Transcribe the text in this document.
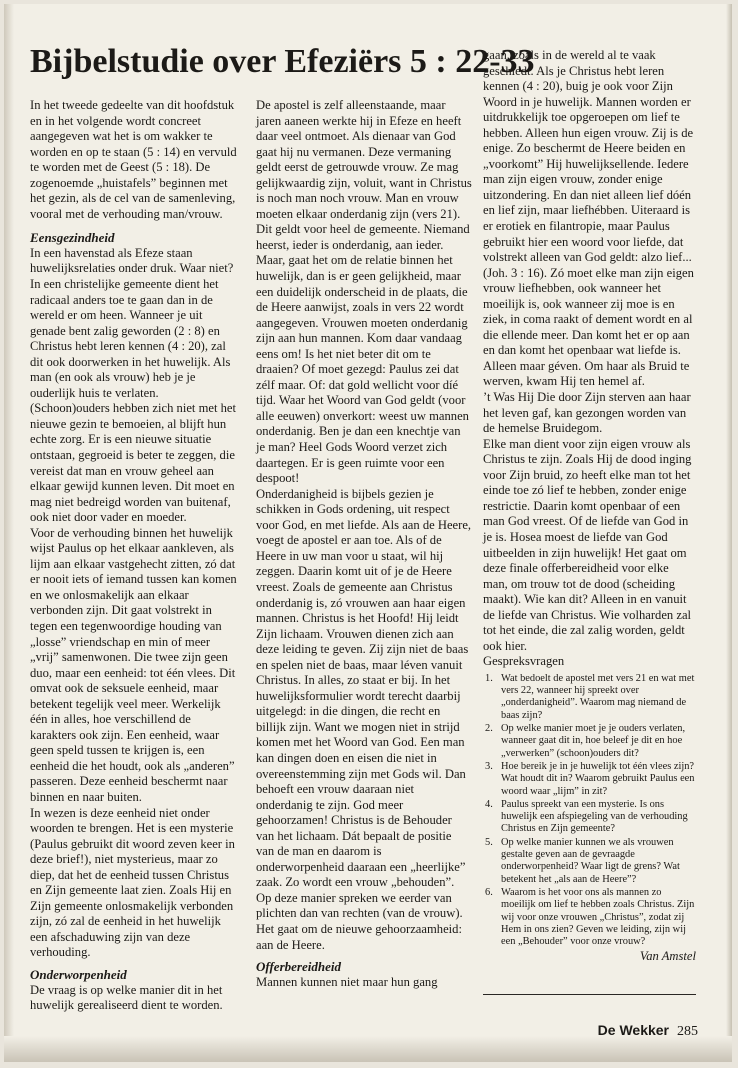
Bijbelstudie over Efeziërs 5 : 22-33

In het tweede gedeelte van dit hoofdstuk en in het volgende wordt concreet aangegeven wat het is om wakker te worden en op te staan (5 : 14) en vervuld te worden met de Geest (5 : 18). De zogenoemde „huistafels” beginnen met het gezin, als de cel van de samenleving, vooral met de verhouding man/vrouw.

Eensgezindheid

In een havenstad als Efeze staan huwelijksrelaties onder druk. Waar niet? In een christelijke gemeente dient het radicaal anders toe te gaan dan in de wereld er om heen. Wanneer je uit genade bent zalig geworden (2 : 8) en Christus hebt leren kennen (4 : 20), zal dit ook doorwerken in het huwelijk. Als man (en ook als vrouw) heb je je ouderlijk huis te verlaten. (Schoon)ouders hebben zich niet met het nieuwe gezin te bemoeien, al blijft hun echte zorg. Er is een nieuwe situatie ontstaan, gegroeid is beter te zeggen, die vereist dat man en vrouw geheel aan elkaar gewijd kunnen leven. Dit moet en mag niet bedreigd worden van buitenaf, ook niet door vader en moeder.

Voor de verhouding binnen het huwelijk wijst Paulus op het elkaar aankleven, als lijm aan elkaar vastgehecht zitten, zó dat er nooit iets of iemand tussen kan komen en we onlosmakelijk aan elkaar verbonden zijn. Dit gaat volstrekt in tegen een tegenwoordige houding van „losse” vriendschap en min of meer „vrij” samenwonen. Die twee zijn geen duo, maar een eenheid: tot één vlees. Dit omvat ook de seksuele eenheid, maar betekent tegelijk veel meer. Werkelijk één in alles, hoe verschillend de karakters ook zijn. Een eenheid, waar geen speld tussen te krijgen is, een eenheid die het houdt, ook als „anderen” passeren. Deze eenheid beschermt naar binnen en naar buiten.

In wezen is deze eenheid niet onder woorden te brengen. Het is een mysterie (Paulus gebruikt dit woord zeven keer in deze brief!), niet mysterieus, maar zo diep, dat het de eenheid tussen Christus en Zijn gemeente laat zien. Zoals Hij en Zijn gemeente onlosmakelijk verbonden zijn, zó zal de eenheid in het huwelijk een afschaduwing zijn van deze verhouding.

Onderworpenheid

De vraag is op welke manier dit in het huwelijk gerealiseerd dient te worden.

De apostel is zelf alleenstaande, maar jaren aaneen werkte hij in Efeze en heeft daar veel ontmoet. Als dienaar van God gaat hij nu vermanen. Deze vermaning geldt eerst de getrouwde vrouw. Ze mag gelijkwaardig zijn, voluit, want in Christus is noch man noch vrouw. Man en vrouw moeten elkaar onderdanig zijn (vers 21). Dit geldt voor heel de gemeente. Niemand heerst, ieder is onderdanig, aan ieder. Maar, gaat het om de relatie binnen het huwelijk, dan is er geen gelijkheid, maar een duidelijk onderscheid in de plaats, die de Heere aanwijst, zoals in vers 22 wordt aangegeven. Vrouwen moeten onderdanig zijn aan hun mannen. Kom daar vandaag eens om! Is het niet beter dit om te draaien? Of moet gezegd: Paulus zei dat zélf maar. Of: dat gold wellicht voor díé tijd. Waar het Woord van God geldt (voor alle eeuwen) onverkort: weest uw mannen onderdanig. Ben je dan een knechtje van je man? Heel Gods Woord verzet zich daartegen. Er is geen ruimte voor een despoot!

Onderdanigheid is bijbels gezien je schikken in Gods ordening, uit respect voor God, en met liefde. Als aan de Heere, voegt de apostel er aan toe. Als of de Heere in uw man voor u staat, wil hij zeggen. Daarin komt uit of je de Heere vreest. Zoals de gemeente aan Christus onderdanig is, zó vrouwen aan haar eigen mannen. Christus is het Hoofd! Hij leidt Zijn lichaam. Vrouwen dienen zich aan deze leiding te geven. Zij zijn niet de baas en spelen niet de baas, maar léven vanuit Christus. In alles, zo staat er bij. In het huwelijksformulier wordt terecht daarbij uitgelegd: in die dingen, die recht en billijk zijn. Want we mogen niet in strijd komen met het Woord van God. Een man kan dingen doen en eisen die niet in overeenstemming zijn met Gods wil. Dan behoeft een vrouw daaraan niet onderdanig te zijn. God meer gehoorzamen! Christus is de Behouder van het lichaam. Dát bepaalt de positie van de man en daarom is onderworpenheid daaraan een „heerlijke” zaak. Zo wordt een vrouw „behouden”. Op deze manier spreken we eerder van plichten dan van rechten (van de vrouw). Het gaat om de nieuwe gehoorzaamheid: aan de Heere.

Offerbereidheid

Mannen kunnen niet maar hun gang

gaan, zoals in de wereld al te vaak geschiedt. Als je Christus hebt leren kennen (4 : 20), buig je ook voor Zijn Woord in je huwelijk. Mannen worden er uitdrukkelijk toe opgeroepen om lief te hebben. Alleen hun eigen vrouw. Zij is de enige. Zo beschermt de Heere beiden en „voorkomt” Hij huwelijksellende. Iedere man zijn eigen vrouw, zonder enige uitzondering. En dan niet alleen lief dóén en lief zijn, maar liefhébben. Uiteraard is er erotiek en filantropie, maar Paulus gebruikt hier een woord voor liefde, dat volstrekt alleen van God geldt: alzo lief... (Joh. 3 : 16). Zó moet elke man zijn eigen vrouw liefhebben, ook wanneer het moeilijk is, ook wanneer zij moe is en ziek, in coma raakt of dement wordt en al die ellende meer. Dan komt het er op aan en dan komt het openbaar wat liefde is. Alleen maar géven. Om haar als Bruid te werven, kwam Hij ten hemel af.

’t Was Hij Die door Zijn sterven aan haar het leven gaf, kan gezongen worden van de hemelse Bruidegom.

Elke man dient voor zijn eigen vrouw als Christus te zijn. Zoals Hij de dood inging voor Zijn bruid, zo heeft elke man tot het einde toe zó lief te hebben, zonder enige restrictie. Daarin komt openbaar of een man God vreest. Of de liefde van God in je is. Hosea moest de liefde van God uitbeelden in zijn huwelijk! Het gaat om deze finale offerbereidheid voor elke man, om trouw tot de dood (scheiding maakt). Wie kan dit? Alleen in en vanuit de liefde van Christus. Wie volharden zal tot het einde, die zal zalig worden, geldt ook hier.

Gespreksvragen

1. Wat bedoelt de apostel met vers 21 en wat met vers 22, wanneer hij spreekt over „onderdanigheid”. Waarom mag niemand de baas zijn?
2. Op welke manier moet je je ouders verlaten, wanneer gaat dit in, hoe beleef je dit en hoe „verwerken” (schoon)ouders dit?
3. Hoe bereik je in je huwelijk tot één vlees zijn? Wat houdt dit in? Waarom gebruikt Paulus een woord waar „lijm” in zit?
4. Paulus spreekt van een mysterie. Is ons huwelijk een afspiegeling van de verhouding Christus en Zijn gemeente?
5. Op welke manier kunnen we als vrouwen gestalte geven aan de gevraagde onderworpenheid? Waar ligt de grens? Wat betekent het „als aan de Heere”?
6. Waarom is het voor ons als mannen zo moeilijk om lief te hebben zoals Christus. Zijn wij voor onze vrouwen „Christus”, zodat zij Hem in ons zien? Geven we leiding, zijn wij een „Behouder” voor onze vrouw?

Van Amstel

De Wekker 285
